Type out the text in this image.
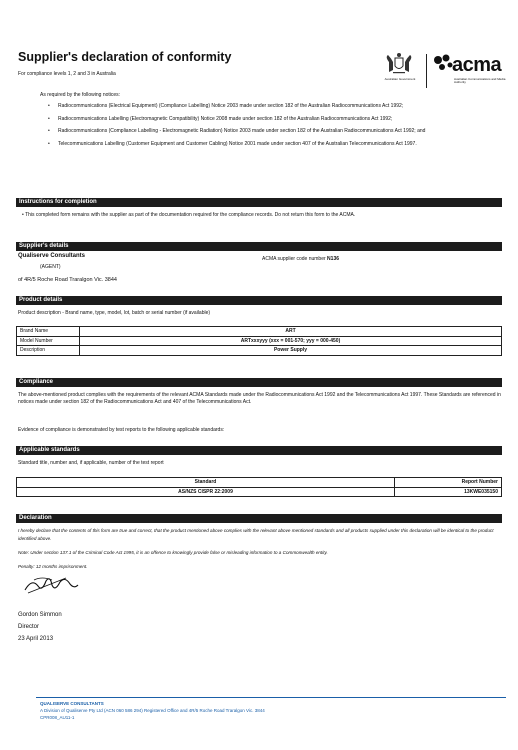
Supplier's declaration of conformity
For compliance levels 1, 2 and 3 in Australia
Australian Government
acma
Australian Communications and Media Authority
As required by the following notices:
• Radiocommunications (Electrical Equipment) (Compliance Labelling) Notice 2003 made under section 182 of the Australian Radiocommunications Act 1992;
• Radiocommunications Labelling (Electromagnetic Compatibility) Notice 2008 made under section 182 of the Australian Radiocommunications Act 1992;
• Radiocommunications (Compliance Labelling - Electromagnetic Radiation) Notice 2003 made under section 182 of the Australian Radiocommunications Act 1992; and
• Telecommunications Labelling (Customer Equipment and Customer Cabling) Notice 2001 made under section 407 of the Australian Telecommunications Act 1997.
Instructions for completion
• This completed form remains with the supplier as part of the documentation required for the compliance records. Do not return this form to the ACMA.
Supplier's details
Qualiserve Consultants	ACMA supplier code number N136
(AGENT)
of 4R/5 Roche Road Traralgon Vic. 3844
Product details
Product description - Brand name, type, model, lot, batch or serial number (if available)
Brand Name	ART
Model Number	ARTxxxyyy (xxx = 001-570; yyy = 000-450)
Description	Power Supply
Compliance
The above-mentioned product complies with the requirements of the relevant ACMA Standards made under the Radiocommunications Act 1992 and the Telecommunications Act 1997. These Standards are referenced in notices made under section 182 of the Radiocommunications Act and 407 of the Telecommunications Act.
Evidence of compliance is demonstrated by test reports to the following applicable standards:
Applicable standards
Standard title, number and, if applicable, number of the test report
Standard	Report Number
AS/NZS CISPR 22:2009	13KWE035150
Declaration
I hereby declare that the contents of this form are true and correct, that the product mentioned above complies with the relevant above mentioned standards and all products supplied under this declaration will be identical to the product identified above.
Note: Under section 137.1 of the Criminal Code Act 1995, it is an offence to knowingly provide false or misleading information to a Commonwealth entity.
Penalty: 12 months imprisonment.
Gordon Simmon
Director
23 April 2013
QUALISERVE CONSULTANTS
A Division of Qualiserve Pty Ltd (ACN 060 586 294) Registered Office and 4R/5 Roche Road Traralgon Vic. 3844
CPR008_AU11-1
